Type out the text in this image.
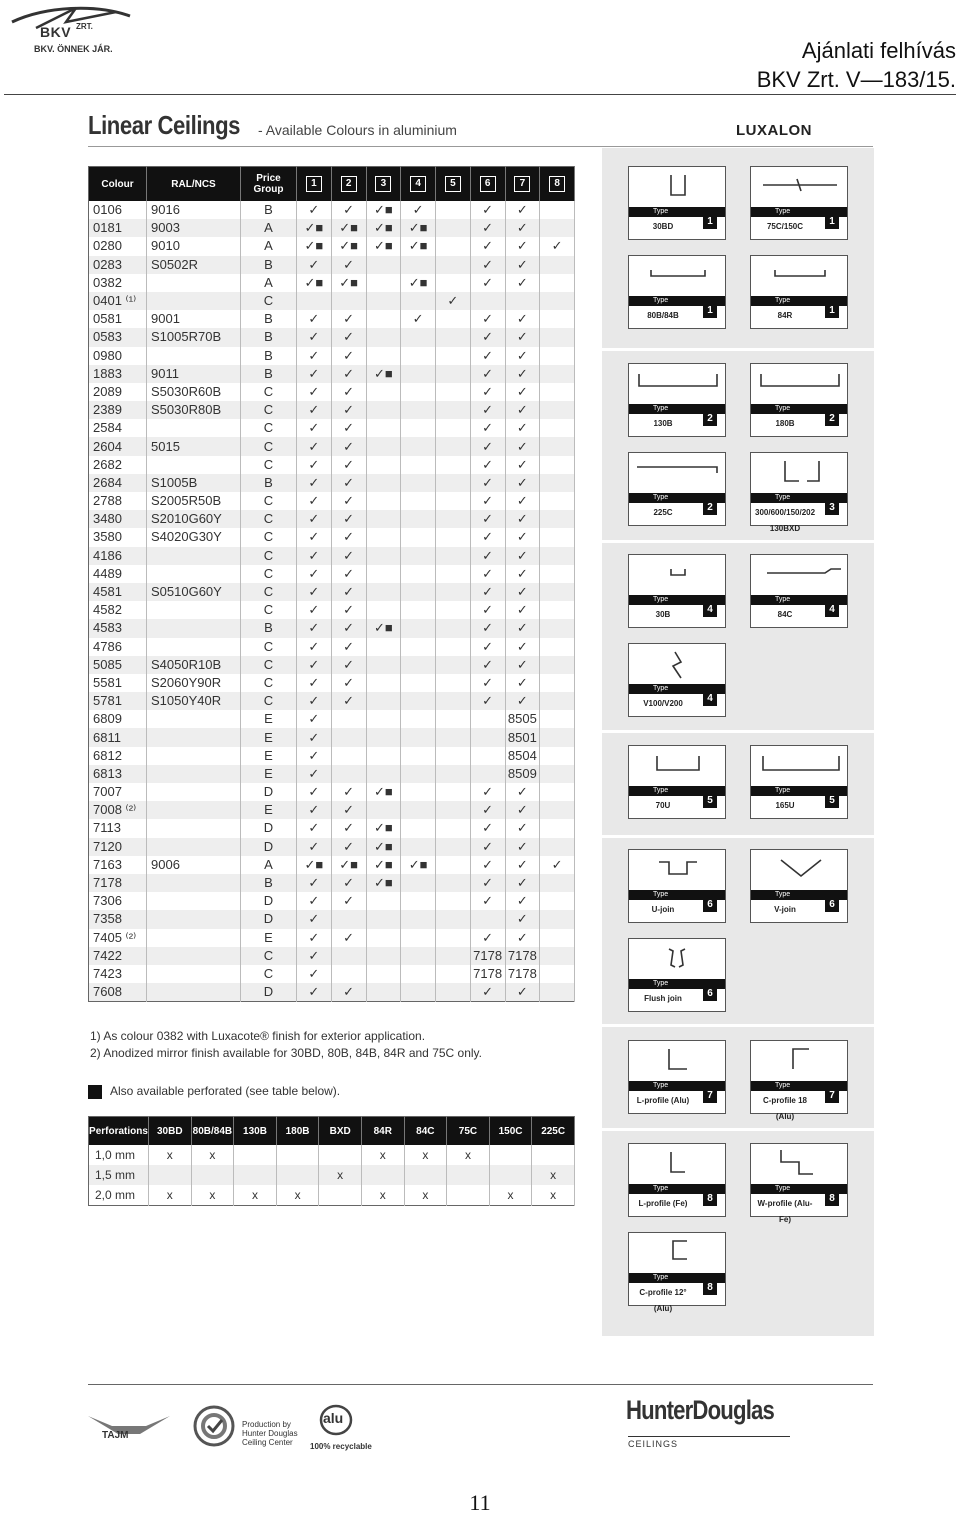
BKV ZRT.
BKV. ÖNNEK JÁR.	Ajánlati felhívás
BKV Zrt. V—183/15.
Linear Ceilings - Available Colours in aluminium	LUXALON
Colour	RAL/NCS	Price Group	1	2	3	4	5	6	7	8
0106	9016	B	✓	✓	✓■	✓		✓	✓	
0181	9003	A	✓■	✓■	✓■	✓■		✓	✓	
0280	9010	A	✓■	✓■	✓■	✓■		✓	✓	✓
0283	S0502R	B	✓	✓				✓	✓	
0382		A	✓■	✓■		✓■		✓	✓	
0401 ⁽¹⁾		C					✓			
0581	9001	B	✓	✓		✓		✓	✓	
0583	S1005R70B	B	✓	✓				✓	✓	
0980		B	✓	✓				✓	✓	
1883	9011	B	✓	✓	✓■			✓	✓	
2089	S5030R60B	C	✓	✓				✓	✓	
2389	S5030R80B	C	✓	✓				✓	✓	
2584		C	✓	✓				✓	✓	
2604	5015	C	✓	✓				✓	✓	
2682		C	✓	✓				✓	✓	
2684	S1005B	B	✓	✓				✓	✓	
2788	S2005R50B	C	✓	✓				✓	✓	
3480	S2010G60Y	C	✓	✓				✓	✓	
3580	S4020G30Y	C	✓	✓				✓	✓	
4186		C	✓	✓				✓	✓	
4489		C	✓	✓				✓	✓	
4581	S0510G60Y	C	✓	✓				✓	✓	
4582		C	✓	✓				✓	✓	
4583		B	✓	✓	✓■			✓	✓	
4786		C	✓	✓				✓	✓	
5085	S4050R10B	C	✓	✓				✓	✓	
5581	S2060Y90R	C	✓	✓				✓	✓	
5781	S1050Y40R	C	✓	✓				✓	✓	
6809		E	✓						8505	
6811		E	✓						8501	
6812		E	✓						8504	
6813		E	✓						8509	
7007		D	✓	✓	✓■			✓	✓	
7008 ⁽²⁾		E	✓	✓				✓	✓	
7113		D	✓	✓	✓■			✓	✓	
7120		D	✓	✓	✓■			✓	✓	
7163	9006	A	✓■	✓■	✓■	✓■		✓	✓	✓
7178		B	✓	✓	✓■			✓	✓	
7306		D	✓	✓				✓	✓	
7358		D	✓						✓	
7405 ⁽²⁾		E	✓	✓				✓	✓	
7422		C	✓					7178	7178	
7423		C	✓					7178	7178	
7608		D	✓	✓				✓	✓	
1) As colour 0382 with Luxacote® finish for exterior application.
2) Anodized mirror finish available for 30BD, 80B, 84B, 84R and 75C only.
Also available perforated (see table below).
Perforations	30BD	80B/84B	130B	180B	BXD	84R	84C	75C	150C	225C
1,0 mm	x	x				x	x	x		
1,5 mm					x					x
2,0 mm	x	x	x	x		x	x		x	x
Type
30BD	1
Type
75C/150C	1
Type
80B/84B	1
Type
84R	1
Type
130B	2
Type
180B	2
Type
225C	2
Type
300/600/150/202 130BXD
3
Type
30B	4
Type
84C	4
Type
V100/V200	4
Type
70U	5
Type
165U	5
Type
U-join	6
Type
V-join	6
Type
Flush join	6
Type
L-profile (Alu)	7
Type
C-profile 18 (Alu)
7
Type
L-profile (Fe)	8
Type
W-profile (Alu-Fe)
8
Type
C-profile 12° (Alu)
8
TAJM
Production by Hunter Douglas Ceiling Center
alu
100% recyclable
HunterDouglas
CEILINGS
11
